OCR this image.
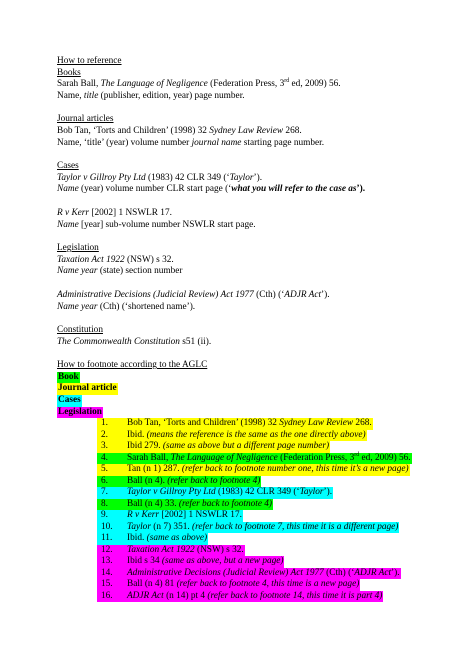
How to reference
Books
Sarah Ball, The Language of Negligence (Federation Press, 3rd ed, 2009) 56.
Name, title (publisher, edition, year) page number.
Journal articles
Bob Tan, ‘Torts and Children’ (1998) 32 Sydney Law Review 268.
Name, ‘title’ (year) volume number journal name starting page number.
Cases
Taylor v Gillroy Pty Ltd (1983) 42 CLR 349 (‘Taylor’).
Name (year) volume number CLR start page (‘what you will refer to the case as’).
R v Kerr [2002] 1 NSWLR 17.
Name [year] sub-volume number NSWLR start page.
Legislation
Taxation Act 1922 (NSW) s 32.
Name year (state) section number
Administrative Decisions (Judicial Review) Act 1977 (Cth) (‘ADJR Act’).
Name year (Cth) (‘shortened name’).
Constitution
The Commonwealth Constitution s51 (ii).
How to footnote according to the AGLC
Book
Journal article
Cases
Legislation
1. Bob Tan, ‘Torts and Children’ (1998) 32 Sydney Law Review 268.
2. Ibid. (means the reference is the same as the one directly above)
3. Ibid 279. (same as above but a different page number)
4. Sarah Ball, The Language of Negligence (Federation Press, 3rd ed, 2009) 56.
5. Tan (n 1) 287. (refer back to footnote number one, this time it’s a new page)
6. Ball (n 4). (refer back to footnote 4)
7. Taylor v Gillroy Pty Ltd (1983) 42 CLR 349 (‘Taylor’).
8. Ball (n 4) 33. (refer back to footnote 4)
9. R v Kerr [2002] 1 NSWLR 17.
10. Taylor (n 7) 351. (refer back to footnote 7, this time it is a different page)
11. Ibid. (same as above)
12. Taxation Act 1922 (NSW) s 32.
13. Ibid s 34 (same as above, but a new page)
14. Administrative Decisions (Judicial Review) Act 1977 (Cth) (‘ADJR Act’).
15. Ball (n 4) 81 (refer back to footnote 4, this time is a new page)
16. ADJR Act (n 14) pt 4 (refer back to footnote 14, this time it is part 4)
